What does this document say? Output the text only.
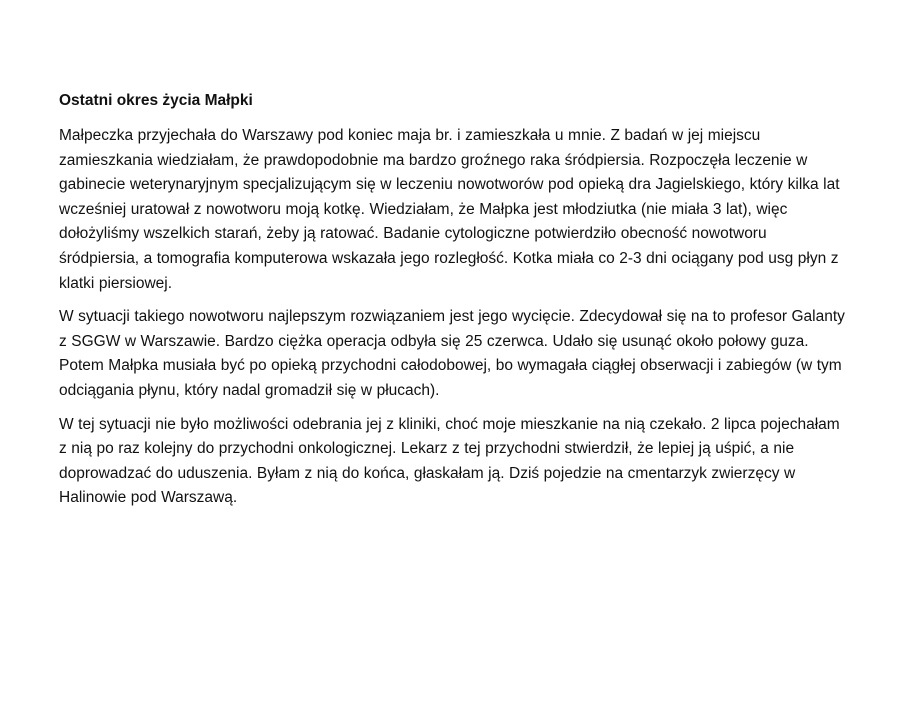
Ostatni okres życia Małpki

Małpeczka przyjechała do Warszawy pod koniec maja br. i zamieszkała u mnie. Z badań w jej miejscu zamieszkania wiedziałam, że prawdopodobnie ma bardzo groźnego raka śródpiersia. Rozpoczęła leczenie w gabinecie weterynaryjnym specjalizującym się w leczeniu nowotworów pod opieką dra Jagielskiego, który kilka lat wcześniej uratował z nowotworu moją kotkę. Wiedziałam, że Małpka jest młodziutka (nie miała 3 lat), więc dołożyliśmy wszelkich starań, żeby ją ratować. Badanie cytologiczne potwierdziło obecność nowotworu śródpiersia, a tomografia komputerowa wskazała jego rozległość. Kotka miała co 2-3 dni ociągany pod usg płyn z klatki piersiowej.

W sytuacji takiego nowotworu najlepszym rozwiązaniem jest jego wycięcie. Zdecydował się na to profesor Galanty z SGGW w Warszawie. Bardzo ciężka operacja odbyła się 25 czerwca. Udało się usunąć około połowy guza. Potem Małpka musiała być po opieką przychodni całodobowej, bo wymagała ciągłej obserwacji i zabiegów (w tym odciągania płynu, który nadal gromadził się w płucach).

W tej sytuacji nie było możliwości odebrania jej z kliniki, choć moje mieszkanie na nią czekało. 2 lipca pojechałam z nią po raz kolejny do przychodni onkologicznej. Lekarz z tej przychodni stwierdził, że lepiej ją uśpić, a nie doprowadzać do uduszenia. Byłam z nią do końca, głaskałam ją. Dziś pojedzie na cmentarzyk zwierzęcy w Halinowie pod Warszawą.
